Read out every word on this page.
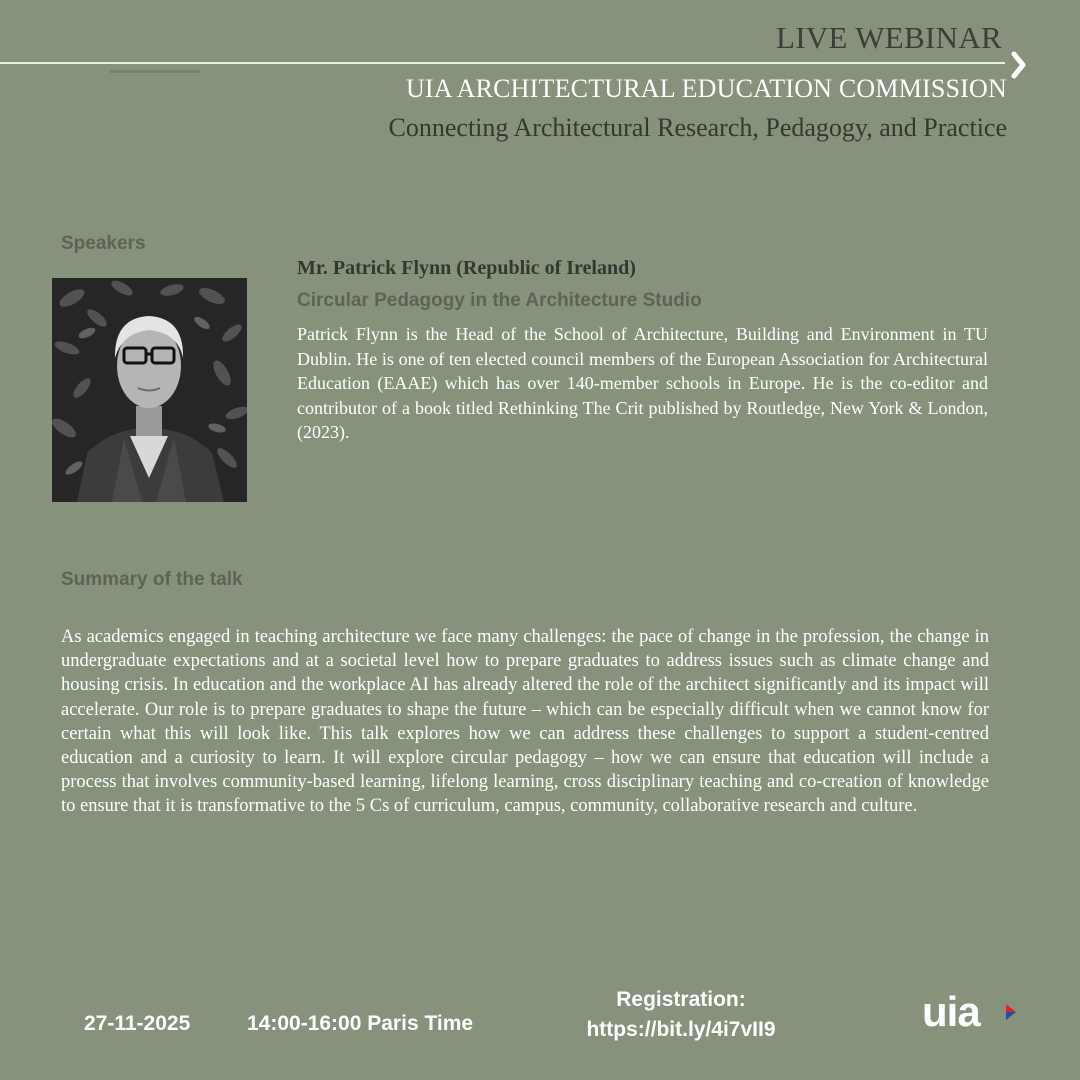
LIVE WEBINAR
UIA ARCHITECTURAL EDUCATION COMMISSION
Connecting Architectural Research, Pedagogy, and Practice
Speakers
Mr. Patrick Flynn (Republic of Ireland)
Circular Pedagogy in the Architecture Studio

Patrick Flynn is the Head of the School of Architecture, Building and Environment in TU Dublin. He is one of ten elected council members of the European Association for Architectural Education (EAAE) which has over 140-member schools in Europe. He is the co-editor and contributor of a book titled Rethinking The Crit published by Routledge, New York & London, (2023).

Summary of the talk

As academics engaged in teaching architecture we face many challenges: the pace of change in the profession, the change in undergraduate expectations and at a societal level how to prepare graduates to address issues such as climate change and housing crisis. In education and the workplace AI has already altered the role of the architect significantly and its impact will accelerate. Our role is to prepare graduates to shape the future – which can be especially difficult when we cannot know for certain what this will look like. This talk explores how we can address these challenges to support a student-centred education and a curiosity to learn. It will explore circular pedagogy – how we can ensure that education will include a process that involves community-based learning, lifelong learning, cross disciplinary teaching and co-creation of knowledge to ensure that it is transformative to the 5 Cs of curriculum, campus, community, collaborative research and culture.

27-11-2025	14:00-16:00 Paris Time
Registration:
https://bit.ly/4i7vII9	uia
